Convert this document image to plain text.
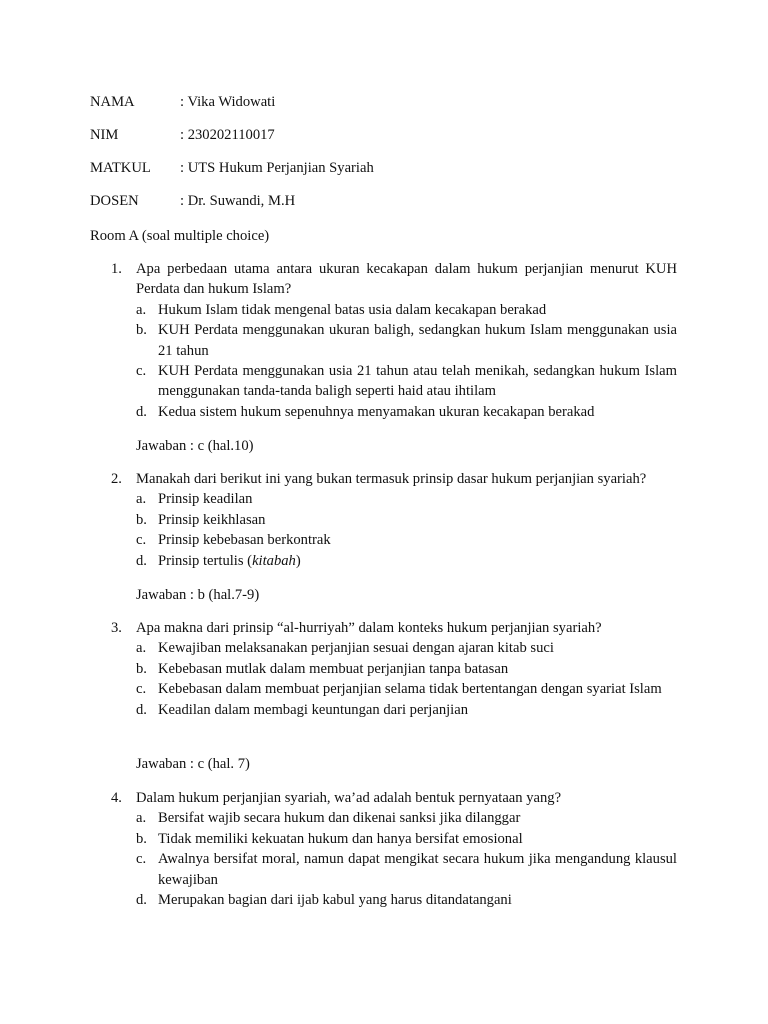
NAMA	: Vika Widowati
NIM	: 230202110017
MATKUL : UTS Hukum Perjanjian Syariah
DOSEN	: Dr. Suwandi, M.H
Room A (soal multiple choice)
1. Apa perbedaan utama antara ukuran kecakapan dalam hukum perjanjian menurut KUH Perdata dan hukum Islam?
a. Hukum Islam tidak mengenal batas usia dalam kecakapan berakad
b. KUH Perdata menggunakan ukuran baligh, sedangkan hukum Islam menggunakan usia 21 tahun
c. KUH Perdata menggunakan usia 21 tahun atau telah menikah, sedangkan hukum Islam menggunakan tanda-tanda baligh seperti haid atau ihtilam
d. Kedua sistem hukum sepenuhnya menyamakan ukuran kecakapan berakad
Jawaban : c (hal.10)
2. Manakah dari berikut ini yang bukan termasuk prinsip dasar hukum perjanjian syariah?
a. Prinsip keadilan
b. Prinsip keikhlasan
c. Prinsip kebebasan berkontrak
d. Prinsip tertulis (kitabah)
Jawaban : b (hal.7-9)
3. Apa makna dari prinsip “al-hurriyah” dalam konteks hukum perjanjian syariah?
a. Kewajiban melaksanakan perjanjian sesuai dengan ajaran kitab suci
b. Kebebasan mutlak dalam membuat perjanjian tanpa batasan
c. Kebebasan dalam membuat perjanjian selama tidak bertentangan dengan syariat Islam
d. Keadilan dalam membagi keuntungan dari perjanjian
Jawaban : c (hal. 7)
4. Dalam hukum perjanjian syariah, wa’ad adalah bentuk pernyataan yang?
a. Bersifat wajib secara hukum dan dikenai sanksi jika dilanggar
b. Tidak memiliki kekuatan hukum dan hanya bersifat emosional
c. Awalnya bersifat moral, namun dapat mengikat secara hukum jika mengandung klausul kewajiban
d. Merupakan bagian dari ijab kabul yang harus ditandatangani
